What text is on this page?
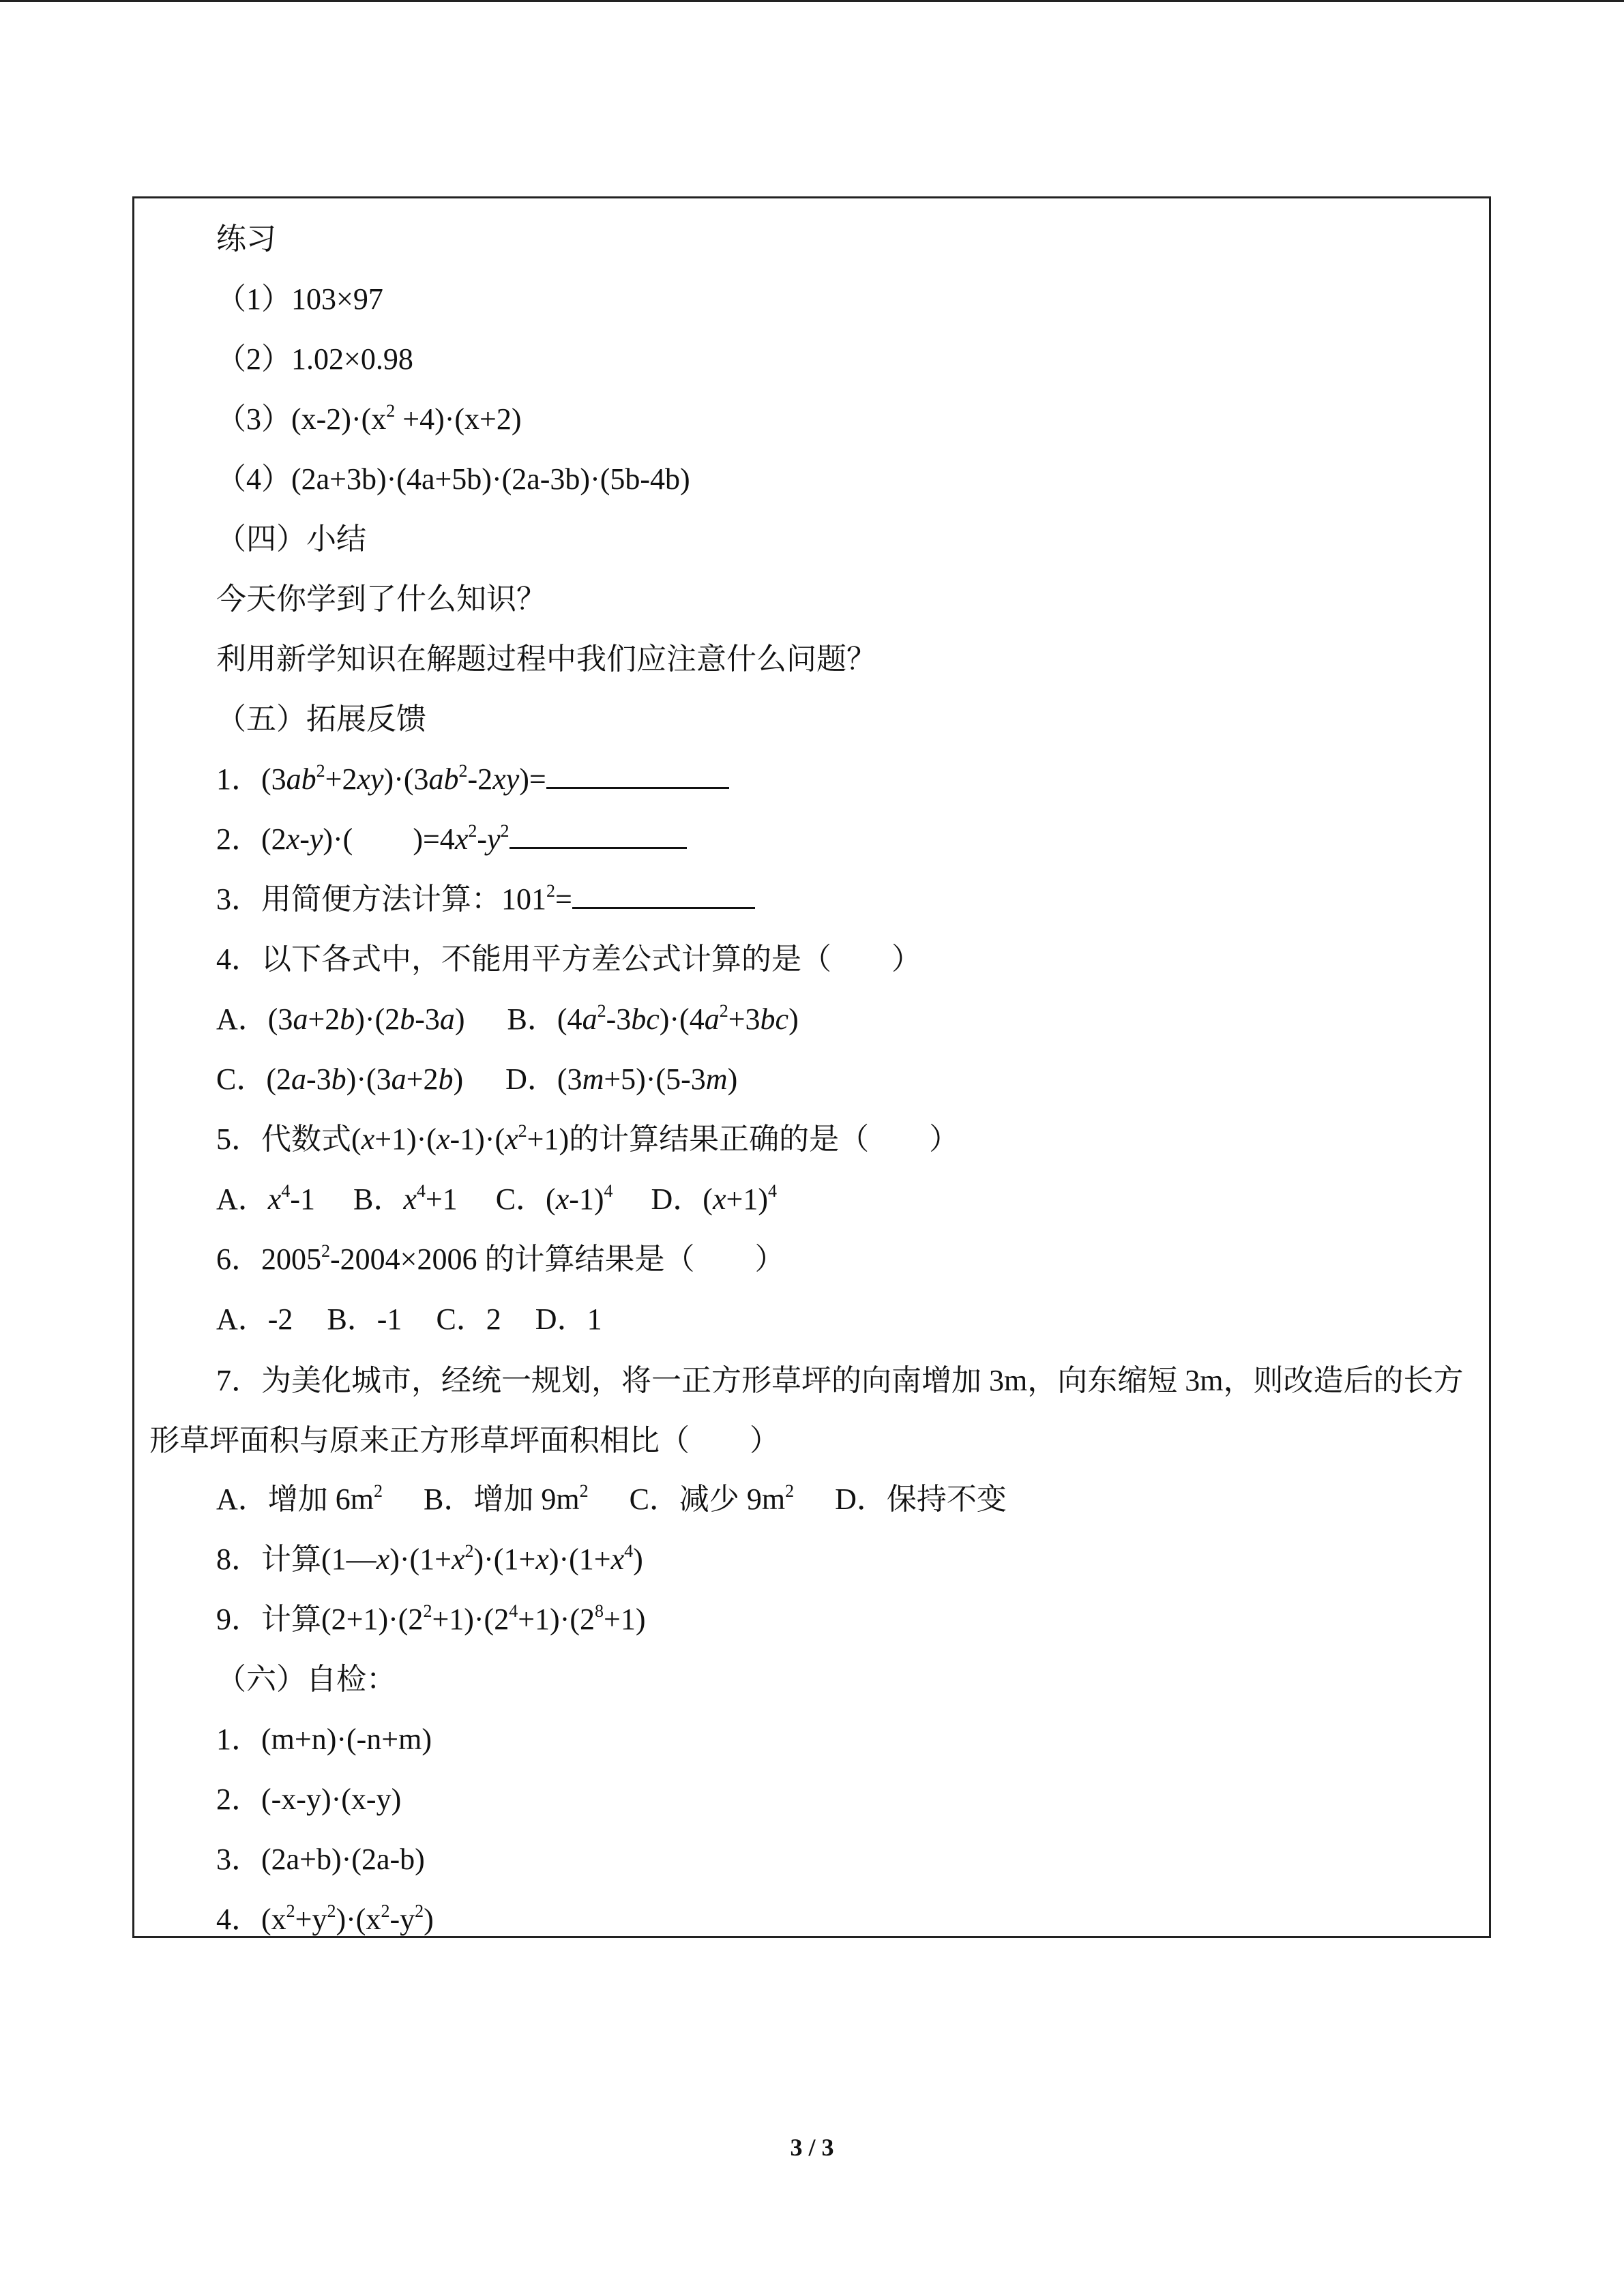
练习
（1）103×97
（2）1.02×0.98
$(3)(x-2)\cdot(x^2 +4)\cdot(x+2)$
（4）(2a+3b)·(4a+5b)·(2a-3b)·(5b-4b)
（四）小结
今天你学到了什么知识？
利用新学知识在解题过程中我们应注意什么问题？
（五）拓展反馈
1．$(3ab^2+2xy)\cdot(3ab^2-2xy)=$
2．(2x-y)·(　　)$=4x^2-y^2$
3．用简便方法计算：$101^2=$
4．以下各式中，不能用平方差公式计算的是（　　）
A．(3a+2b)·(2b-3a) B．$(4a^2-3bc)\cdot(4a^2+3bc)$
C．(2a-3b)·(3a+2b) D．(3m+5)·(5-3m)
5．代数式$(x+1)\cdot(x-1)\cdot(x^2+1)$的计算结果正确的是（　　）
A．$x^4-1$ B．$x^4+1$ C．$(x-1)^4$ D．$(x+1)^4$
6．$2005^2-2004\times 2006$ 的计算结果是（　　）
A．-2 B．-1 C．2 D．1
7．为美化城市，经统一规划，将一正方形草坪的向南增加 3m，向东缩短 3m，则改造后的长方形草坪面积与原来正方形草坪面积相比（　　）
A．增加 $6m^2$ B．增加 $9m^2$ C．减少 $9m^2$ D．保持不变
8．计算$(1—x)\cdot(1+x^2)\cdot(1+x)\cdot(1+x^4)$
9．计算$(2+1)\cdot(2^2+1)\cdot(2^4+1)\cdot(2^8+1)$
（六）自检：
1．(m+n)·(-n+m)
2．(-x-y)·(x-y)
3．(2a+b)·(2a-b)
4．$(x^2+y^2)\cdot(x^2-y^2)$
3 / 3
